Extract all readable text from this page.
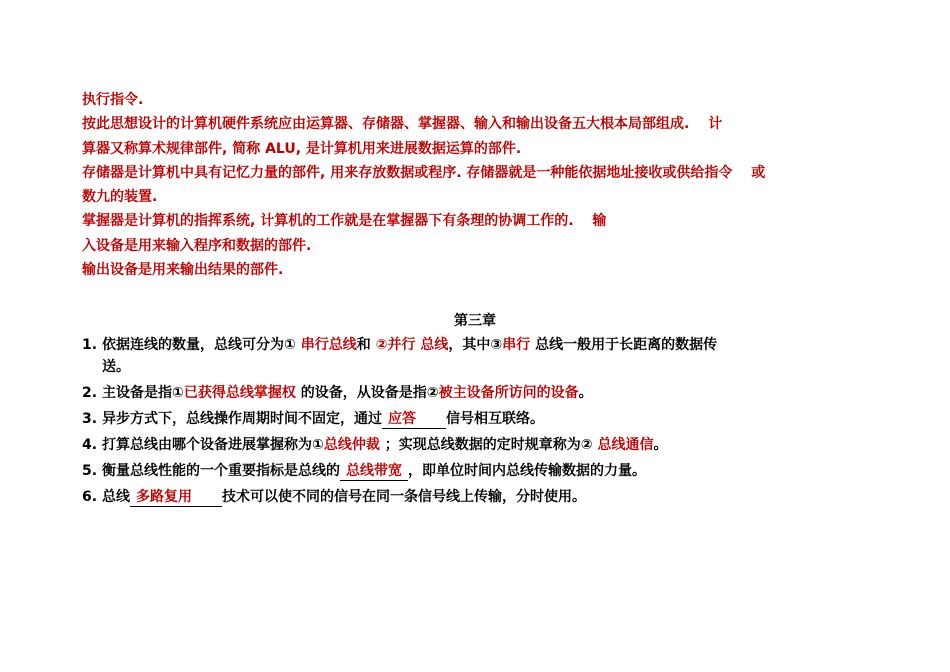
执行指令.
按此思想设计的计算机硬件系统应由运算器、存储器、掌握器、输入和输出设备五大根本局部组成.　 计
算器又称算术规律部件, 简称 ALU, 是计算机用来进展数据运算的部件.
存储器是计算机中具有记忆力量的部件, 用来存放数据或程序. 存储器就是一种能依据地址接收或供给指令　 或
数九的装置.
掌握器是计算机的指挥系统, 计算机的工作就是在掌握器下有条理的协调工作的.　 输
入设备是用来输入程序和数据的部件.
输出设备是用来输出结果的部件.
第三章
1. 依据连线的数量，总线可分为① 串行总线和 ②并行 总线，其中③串行 总线一般用于长距离的数据传
送。
2. 主设备是指①已获得总线掌握权 的设备，从设备是指②被主设备所访问的设备。
3. 异步方式下，总线操作周期时间不固定，通过 应答 信号相互联络。
4. 打算总线由哪个设备进展掌握称为①总线仲裁 ；实现总线数据的定时规章称为② 总线通信。
5. 衡量总线性能的一个重要指标是总线的 总线带宽 ，即单位时间内总线传输数据的力量。
6. 总线 多路复用 技术可以使不同的信号在同一条信号线上传输，分时使用。
